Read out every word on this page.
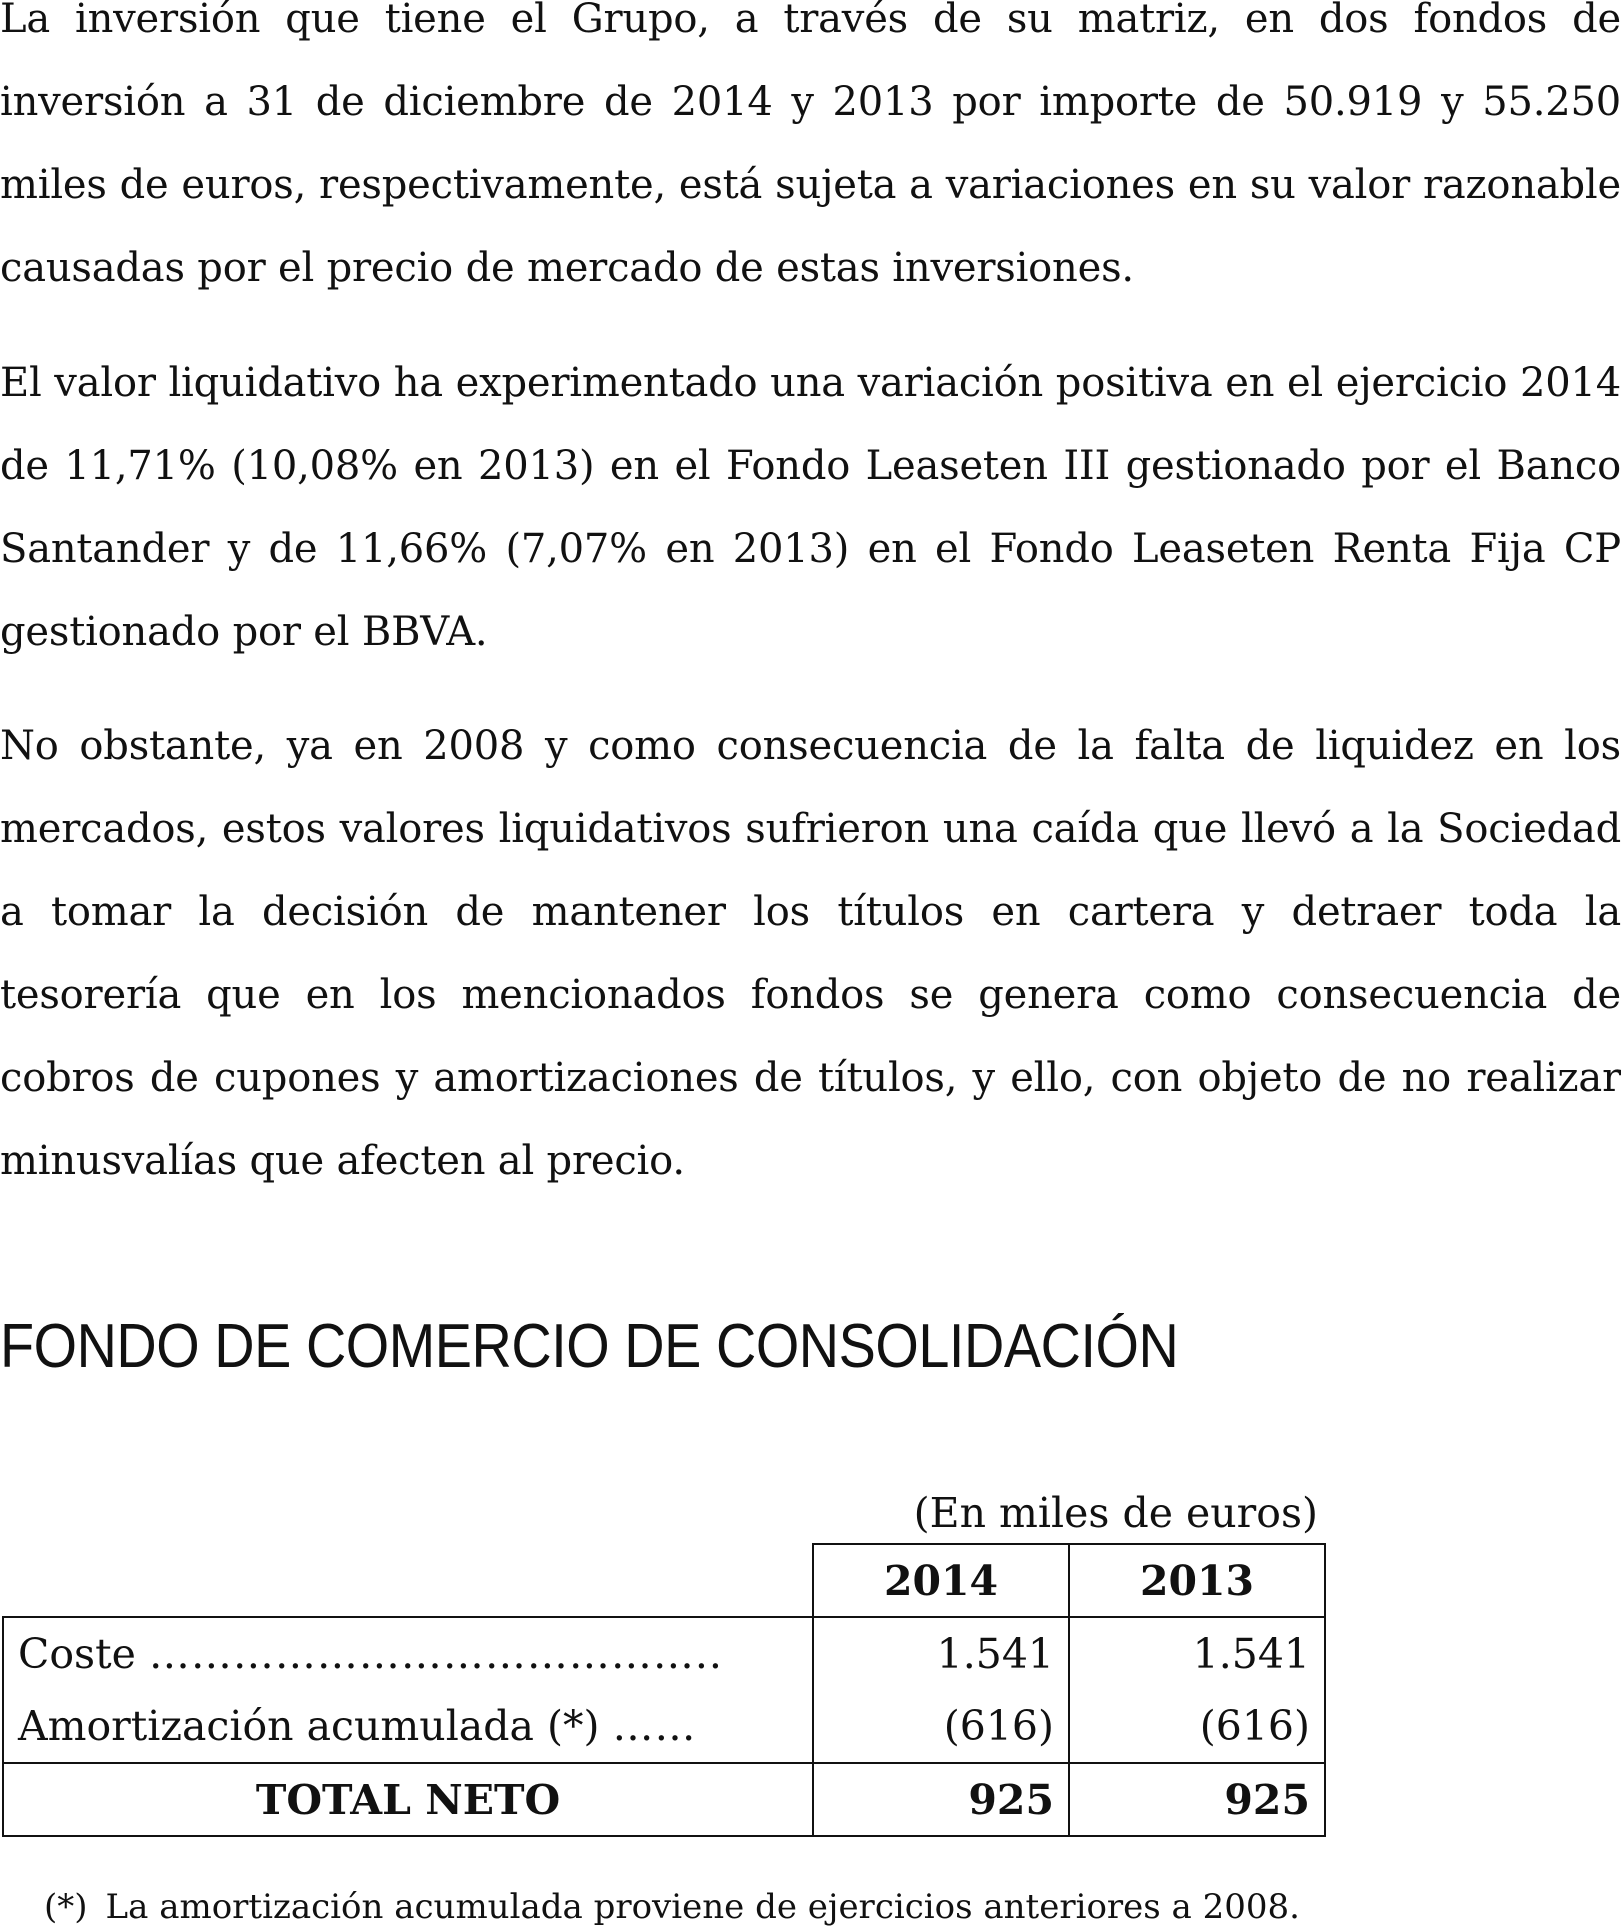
La inversión que tiene el Grupo, a través de su matriz, en dos fondos de inversión a 31 de diciembre de 2014 y 2013 por importe de 50.919 y 55.250 miles de euros, respectivamente, está sujeta a variaciones en su valor razonable causadas por el precio de mercado de estas inversiones.

El valor liquidativo ha experimentado una variación positiva en el ejercicio 2014 de 11,71% (10,08% en 2013) en el Fondo Leaseten III gestionado por el Banco Santander y de 11,66% (7,07% en 2013) en el Fondo Leaseten Renta Fija CP gestionado por el BBVA.

No obstante, ya en 2008 y como consecuencia de la falta de liquidez en los mercados, estos valores liquidativos sufrieron una caída que llevó a la Sociedad a tomar la decisión de mantener los títulos en cartera y detraer toda la tesorería que en los mencionados fondos se genera como consecuencia de cobros de cupones y amortizaciones de títulos, y ello, con objeto de no realizar minusvalías que afecten al precio.

FONDO DE COMERCIO DE CONSOLIDACIÓN
(En miles de euros)
	2014	2013
Coste …………………………………..	1.541	1.541
Amortización acumulada (*) ……	(616)	(616)
TOTAL NETO	925	925
(*) La amortización acumulada proviene de ejercicios anteriores a 2008.
